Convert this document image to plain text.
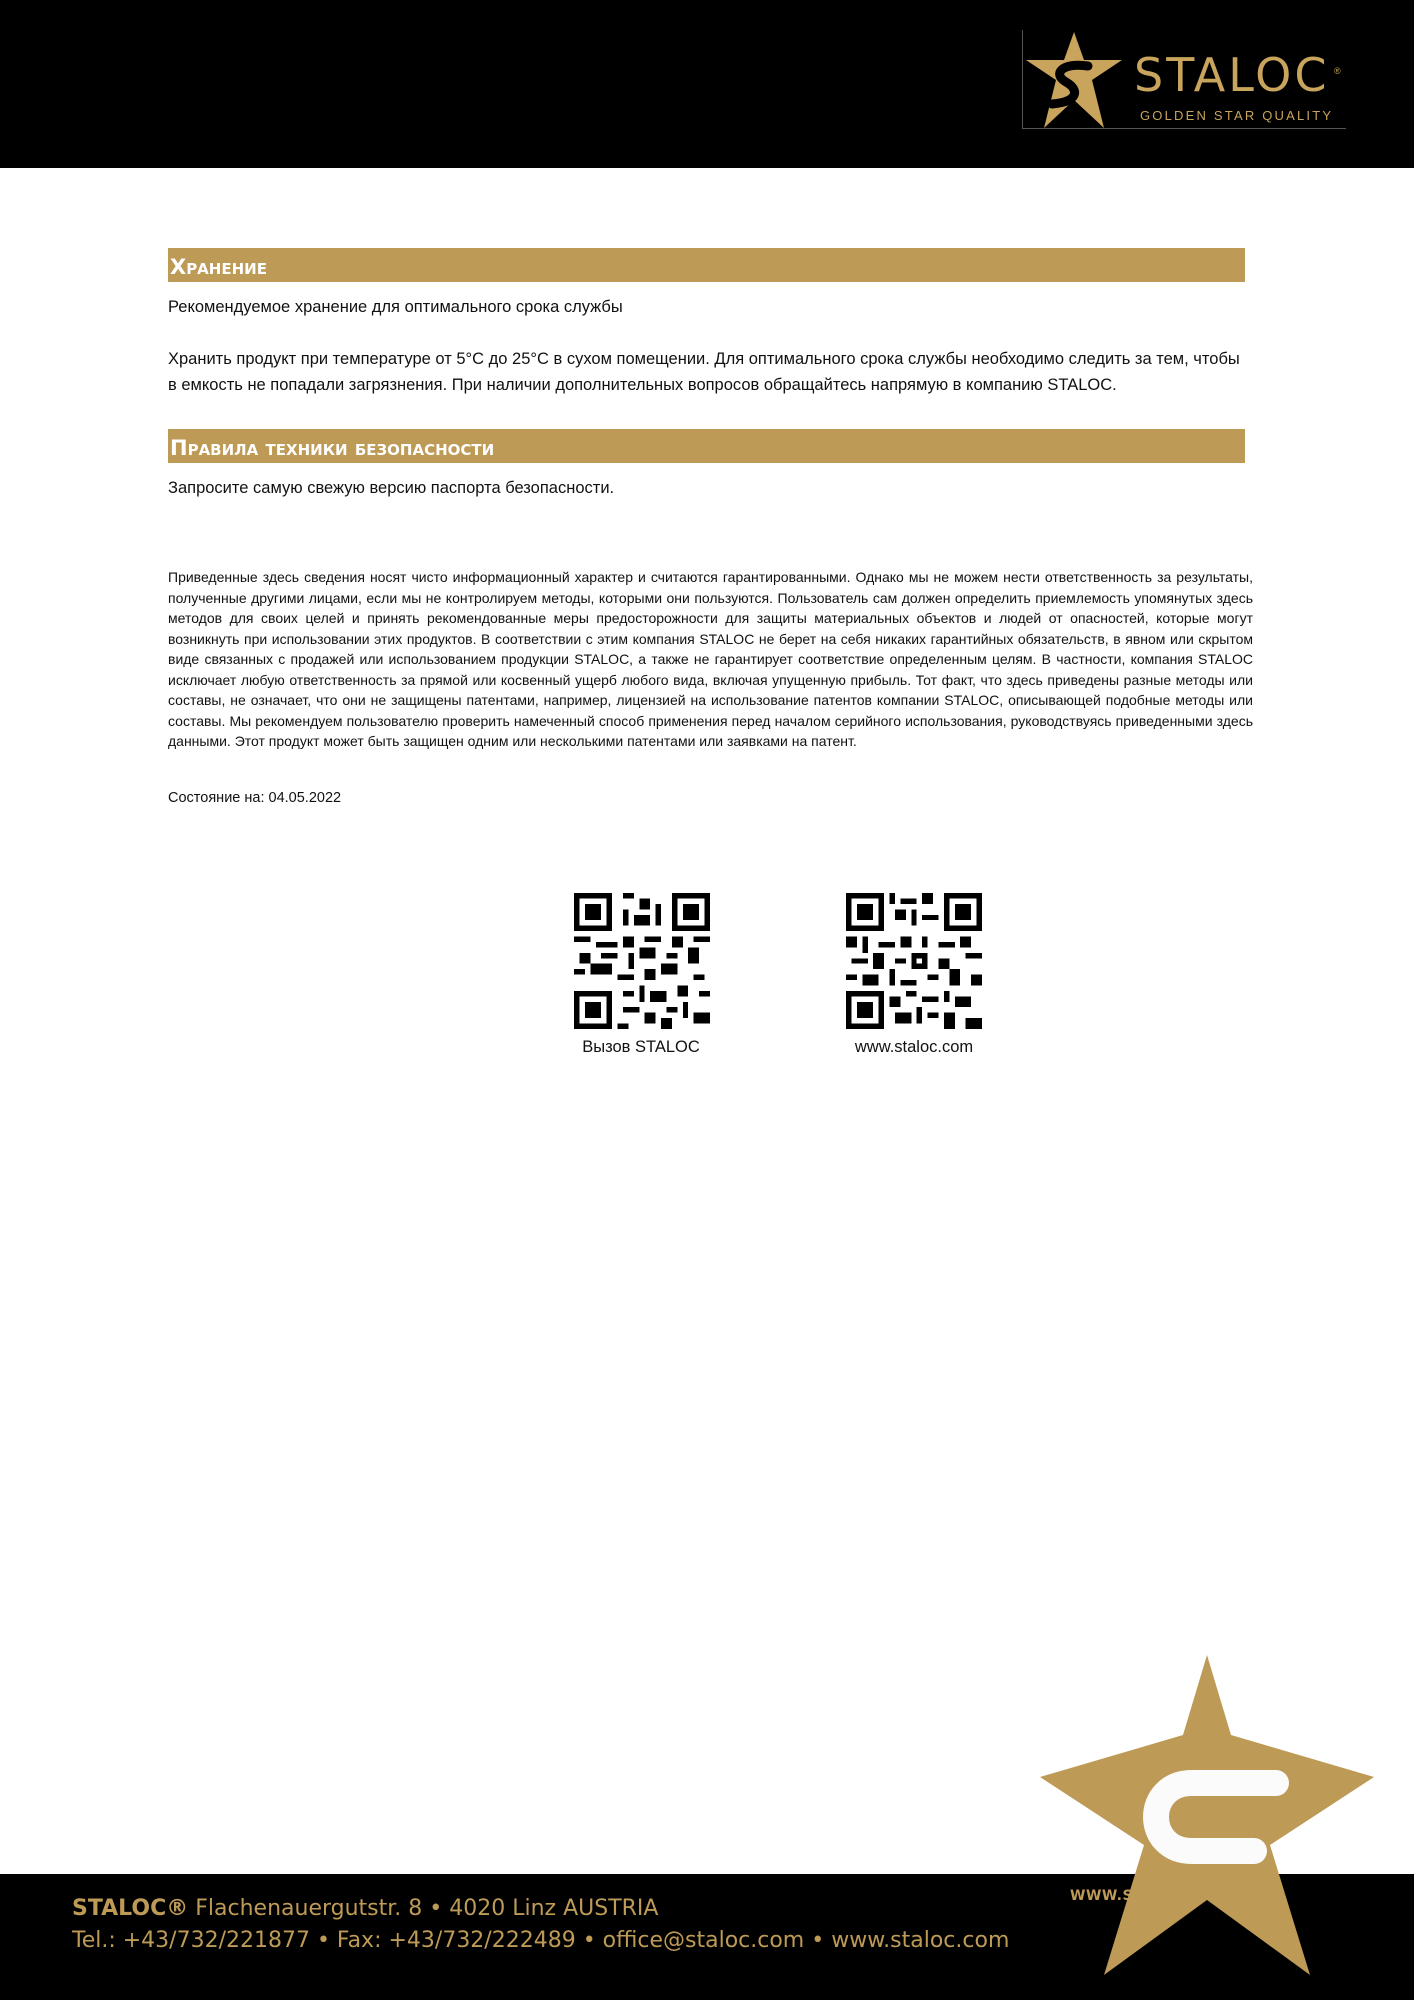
STALOC ®
GOLDEN STAR QUALITY
Хранение
Рекомендуемое хранение для оптимального срока службы
Хранить продукт при температуре от 5°C до 25°C в сухом помещении. Для оптимального срока службы необходимо следить за тем, чтобы в емкость не попадали загрязнения. При наличии дополнительных вопросов обращайтесь напрямую в компанию STALOC.
Правила техники безопасности
Запросите самую свежую версию паспорта безопасности.
Приведенные здесь сведения носят чисто информационный характер и считаются гарантированными. Однако мы не можем нести ответственность за результаты, полученные другими лицами, если мы не контролируем методы, которыми они пользуются. Пользователь сам должен определить приемлемость упомянутых здесь методов для своих целей и принять рекомендованные меры предосторожности для защиты материальных объектов и людей от опасностей, которые могут возникнуть при использовании этих продуктов. В соответствии с этим компания STALOC не берет на себя никаких гарантийных обязательств, в явном или скрытом виде связанных с продажей или использованием продукции STALOC, а также не гарантирует соответствие определенным целям. В частности, компания STALOC исключает любую ответственность за прямой или косвенный ущерб любого вида, включая упущенную прибыль. Тот факт, что здесь приведены разные методы или составы, не означает, что они не защищены патентами, например, лицензией на использование патентов компании STALOC, описывающей подобные методы или составы. Мы рекомендуем пользователю проверить намеченный способ применения перед началом серийного использования, руководствуясь приведенными здесь данными. Этот продукт может быть защищен одним или несколькими патентами или заявками на патент.
Состояние на: 04.05.2022
Вызов STALOC	www.staloc.com
WWW.STALOC.COM
STALOC® Flachenauergutstr. 8 • 4020 Linz AUSTRIA
Tel.: +43/732/221877 • Fax: +43/732/222489 • office@staloc.com • www.staloc.com
